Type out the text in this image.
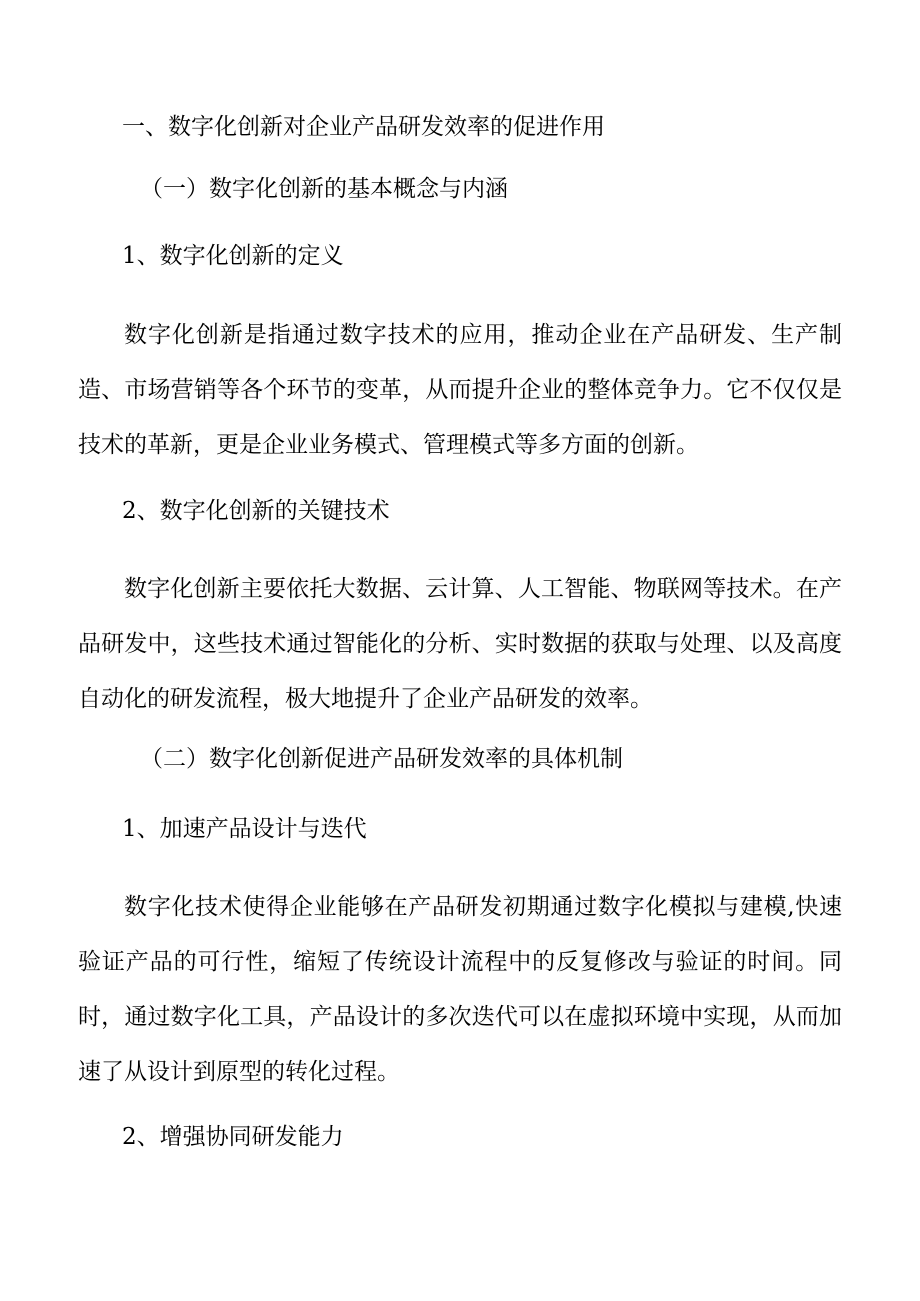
一、数字化创新对企业产品研发效率的促进作用
（一）数字化创新的基本概念与内涵
1、数字化创新的定义

数字化创新是指通过数字技术的应用，推动企业在产品研发、生产制造、市场营销等各个环节的变革，从而提升企业的整体竞争力。它不仅仅是技术的革新，更是企业业务模式、管理模式等多方面的创新。

2、数字化创新的关键技术

数字化创新主要依托大数据、云计算、人工智能、物联网等技术。在产品研发中，这些技术通过智能化的分析、实时数据的获取与处理、以及高度自动化的研发流程，极大地提升了企业产品研发的效率。

（二）数字化创新促进产品研发效率的具体机制
1、加速产品设计与迭代

数字化技术使得企业能够在产品研发初期通过数字化模拟与建模,快速验证产品的可行性，缩短了传统设计流程中的反复修改与验证的时间。同时，通过数字化工具，产品设计的多次迭代可以在虚拟环境中实现，从而加速了从设计到原型的转化过程。

2、增强协同研发能力
